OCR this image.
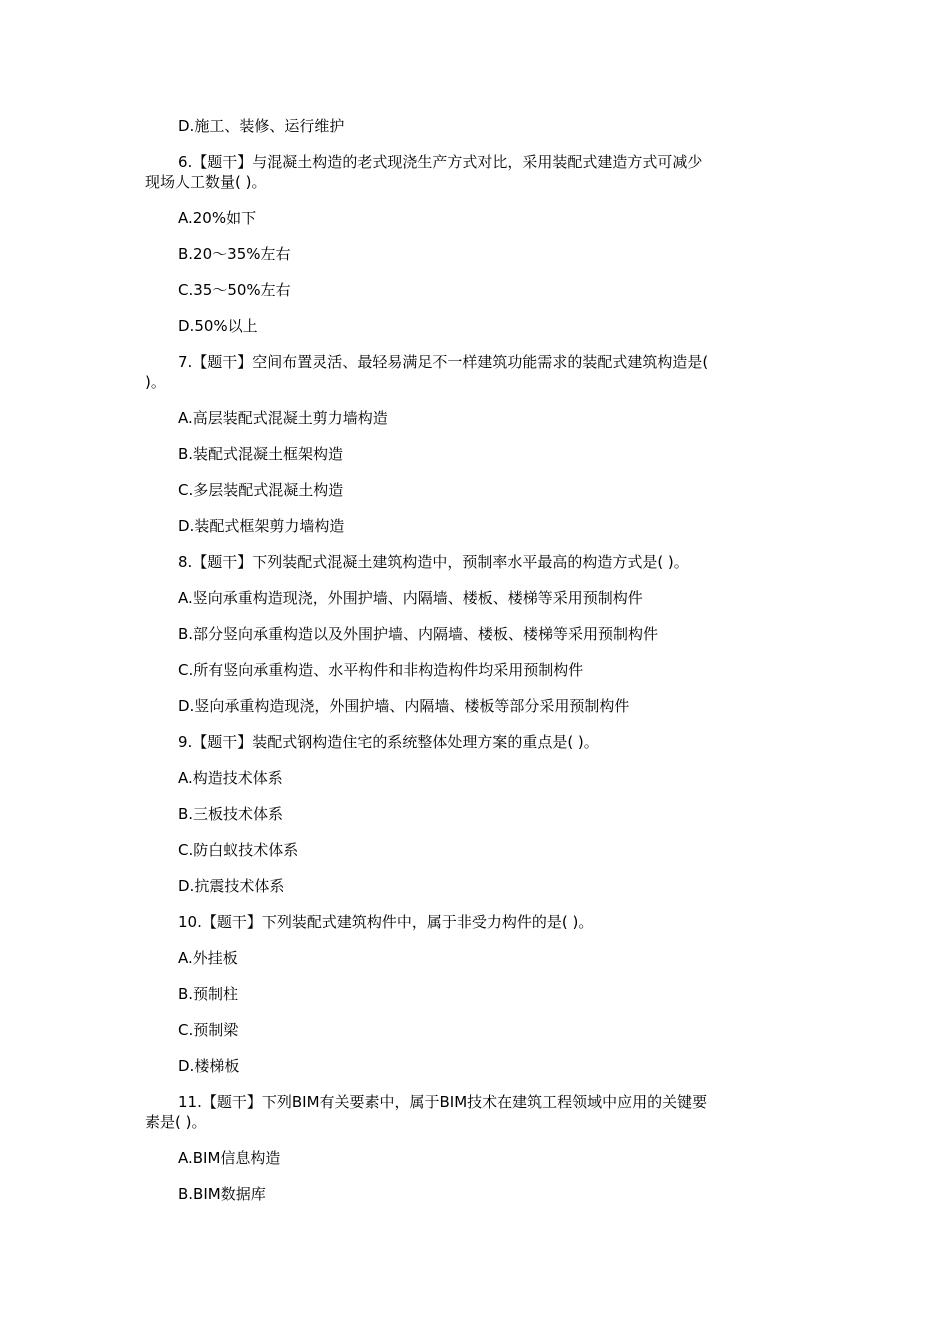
D.施工、装修、运行维护
6.【题干】与混凝土构造的老式现浇生产方式对比，采用装配式建造方式可减少
现场人工数量( )。
A.20%如下
B.20～35%左右
C.35～50%左右
D.50%以上
7.【题干】空间布置灵活、最轻易满足不一样建筑功能需求的装配式建筑构造是(
)。
A.高层装配式混凝土剪力墙构造
B.装配式混凝土框架构造
C.多层装配式混凝土构造
D.装配式框架剪力墙构造
8.【题干】下列装配式混凝土建筑构造中，预制率水平最高的构造方式是( )。
A.竖向承重构造现浇，外围护墙、内隔墙、楼板、楼梯等采用预制构件
B.部分竖向承重构造以及外围护墙、内隔墙、楼板、楼梯等采用预制构件
C.所有竖向承重构造、水平构件和非构造构件均采用预制构件
D.竖向承重构造现浇，外围护墙、内隔墙、楼板等部分采用预制构件
9.【题干】装配式钢构造住宅的系统整体处理方案的重点是( )。
A.构造技术体系
B.三板技术体系
C.防白蚁技术体系
D.抗震技术体系
10.【题干】下列装配式建筑构件中，属于非受力构件的是( )。
A.外挂板
B.预制柱
C.预制梁
D.楼梯板
11.【题干】下列BIM有关要素中，属于BIM技术在建筑工程领域中应用的关键要
素是( )。
A.BIM信息构造
B.BIM数据库
